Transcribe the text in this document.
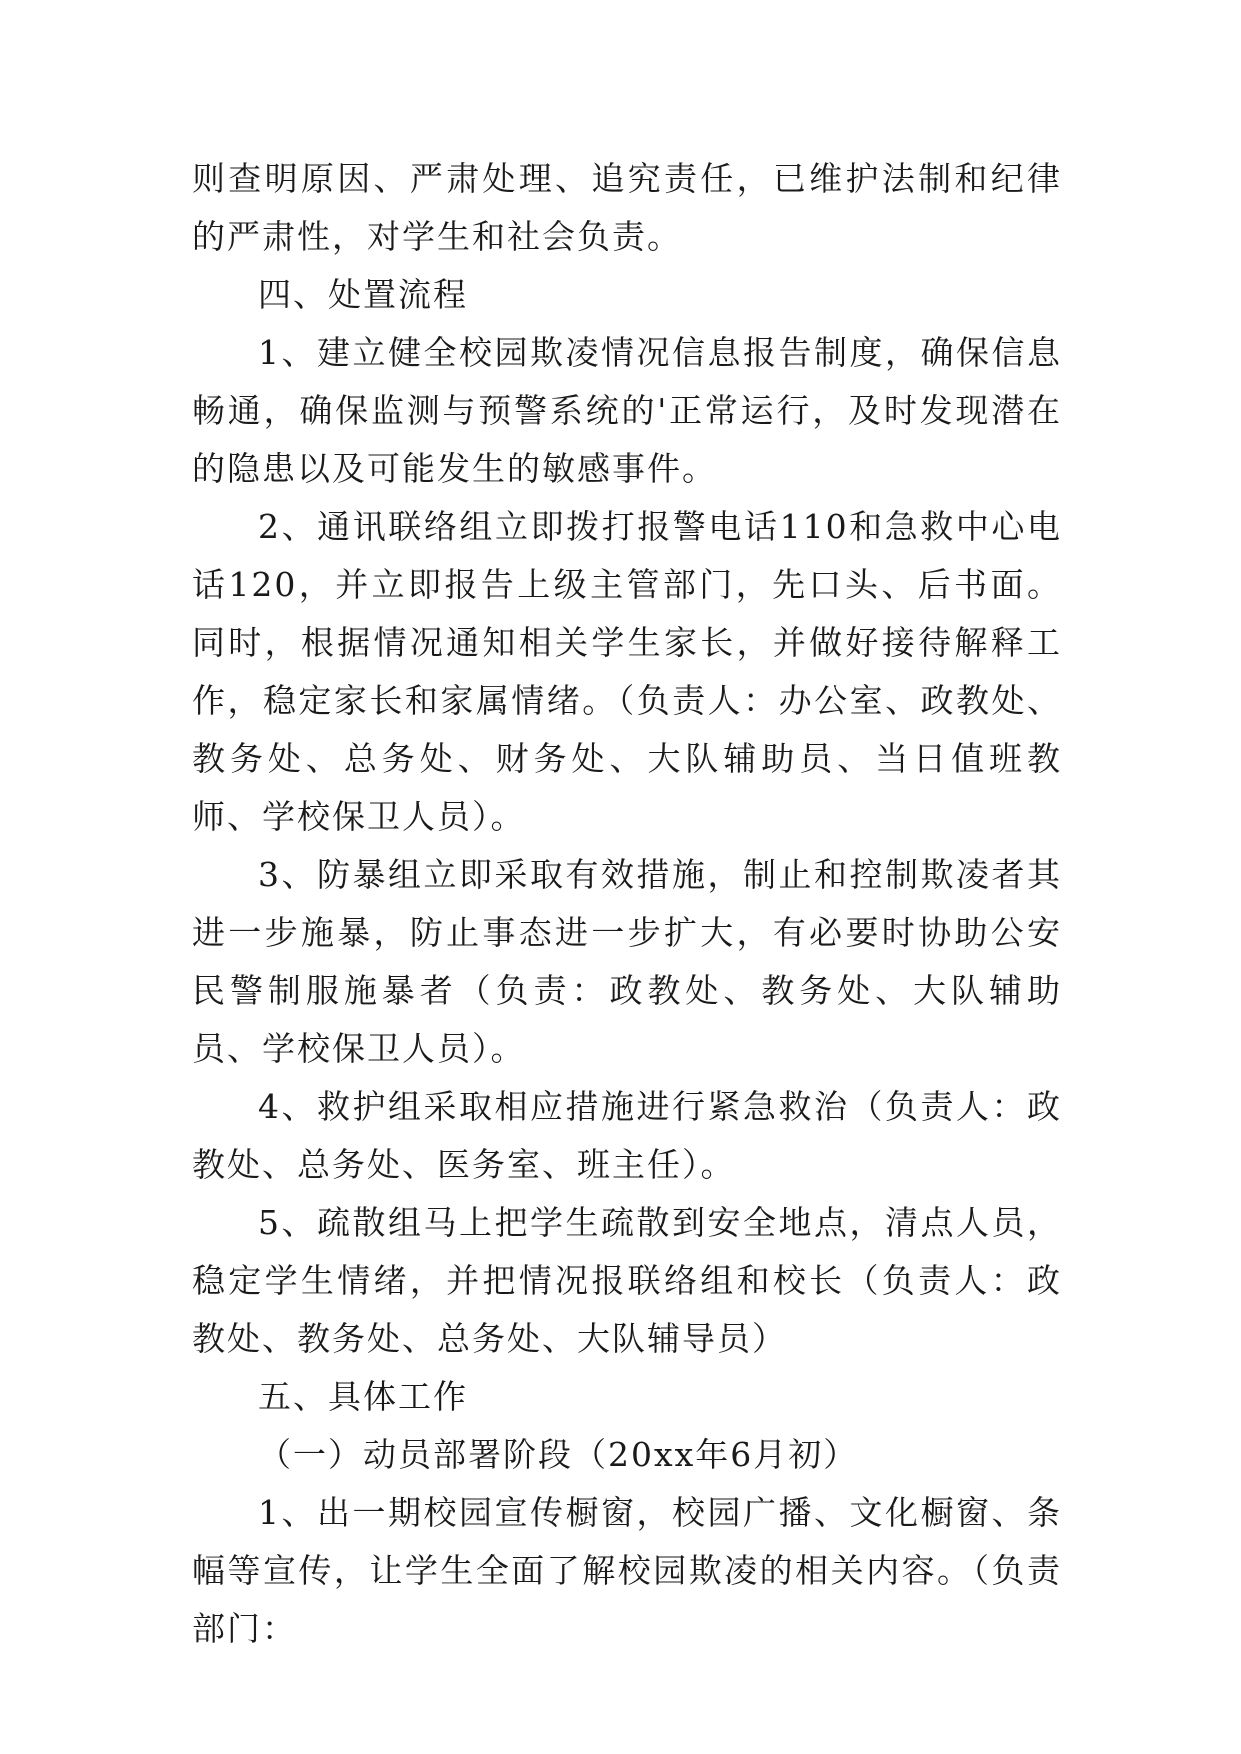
则查明原因、严肃处理、追究责任，已维护法制和纪律的严肃性，对学生和社会负责。

四、处置流程

1、建立健全校园欺凌情况信息报告制度，确保信息畅通，确保监测与预警系统的'正常运行，及时发现潜在的隐患以及可能发生的敏感事件。

2、通讯联络组立即拨打报警电话110和急救中心电话120，并立即报告上级主管部门，先口头、后书面。同时，根据情况通知相关学生家长，并做好接待解释工作，稳定家长和家属情绪。（负责人：办公室、政教处、教务处、总务处、财务处、大队辅助员、当日值班教师、学校保卫人员）。

3、防暴组立即采取有效措施，制止和控制欺凌者其进一步施暴，防止事态进一步扩大，有必要时协助公安民警制服施暴者（负责：政教处、教务处、大队辅助员、学校保卫人员）。

4、救护组采取相应措施进行紧急救治（负责人：政教处、总务处、医务室、班主任）。

5、疏散组马上把学生疏散到安全地点，清点人员，稳定学生情绪，并把情况报联络组和校长（负责人：政教处、教务处、总务处、大队辅导员）

五、具体工作

（一）动员部署阶段（20xx年6月初）

1、出一期校园宣传橱窗，校园广播、文化橱窗、条幅等宣传，让学生全面了解校园欺凌的相关内容。（负责部门：
